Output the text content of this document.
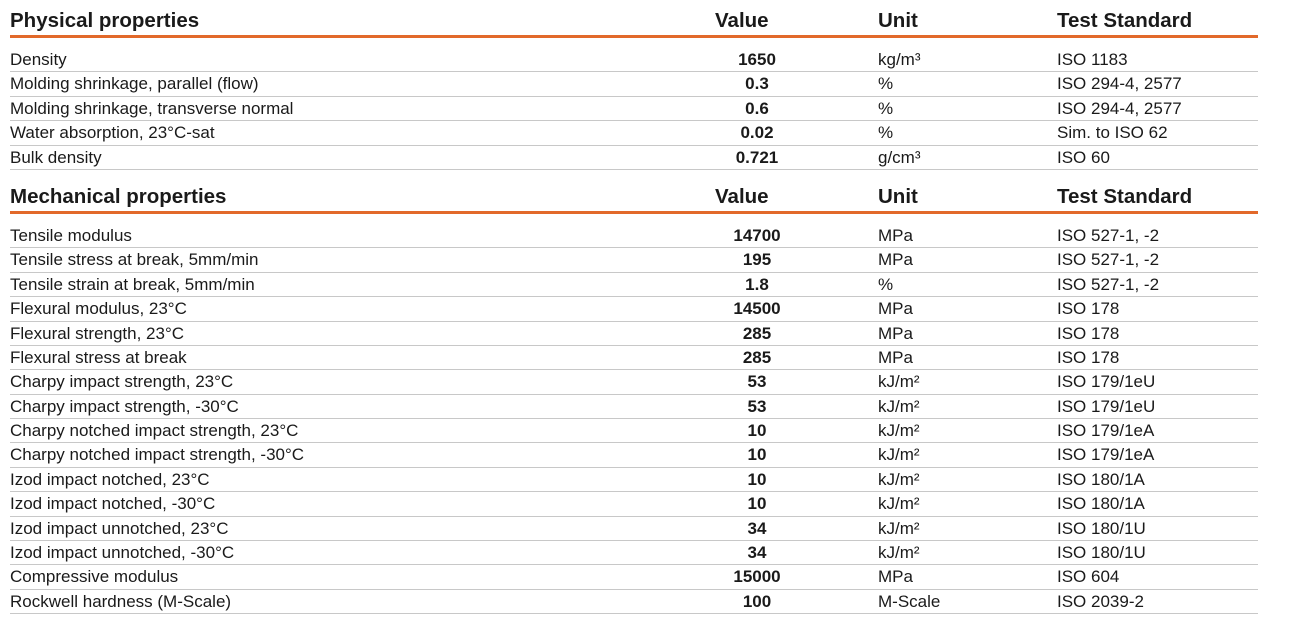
Physical properties	Value	Unit	Test Standard
Density	1650	kg/m³	ISO 1183
Molding shrinkage, parallel (flow)	0.3	%	ISO 294-4, 2577
Molding shrinkage, transverse normal	0.6	%	ISO 294-4, 2577
Water absorption, 23°C-sat	0.02	%	Sim. to ISO 62
Bulk density	0.721	g/cm³	ISO 60
Mechanical properties	Value	Unit	Test Standard
Tensile modulus	14700	MPa	ISO 527-1, -2
Tensile stress at break, 5mm/min	195	MPa	ISO 527-1, -2
Tensile strain at break, 5mm/min	1.8	%	ISO 527-1, -2
Flexural modulus, 23°C	14500	MPa	ISO 178
Flexural strength, 23°C	285	MPa	ISO 178
Flexural stress at break	285	MPa	ISO 178
Charpy impact strength, 23°C	53	kJ/m²	ISO 179/1eU
Charpy impact strength, -30°C	53	kJ/m²	ISO 179/1eU
Charpy notched impact strength, 23°C	10	kJ/m²	ISO 179/1eA
Charpy notched impact strength, -30°C	10	kJ/m²	ISO 179/1eA
Izod impact notched, 23°C	10	kJ/m²	ISO 180/1A
Izod impact notched, -30°C	10	kJ/m²	ISO 180/1A
Izod impact unnotched, 23°C	34	kJ/m²	ISO 180/1U
Izod impact unnotched, -30°C	34	kJ/m²	ISO 180/1U
Compressive modulus	15000	MPa	ISO 604
Rockwell hardness (M-Scale)	100	M-Scale	ISO 2039-2
